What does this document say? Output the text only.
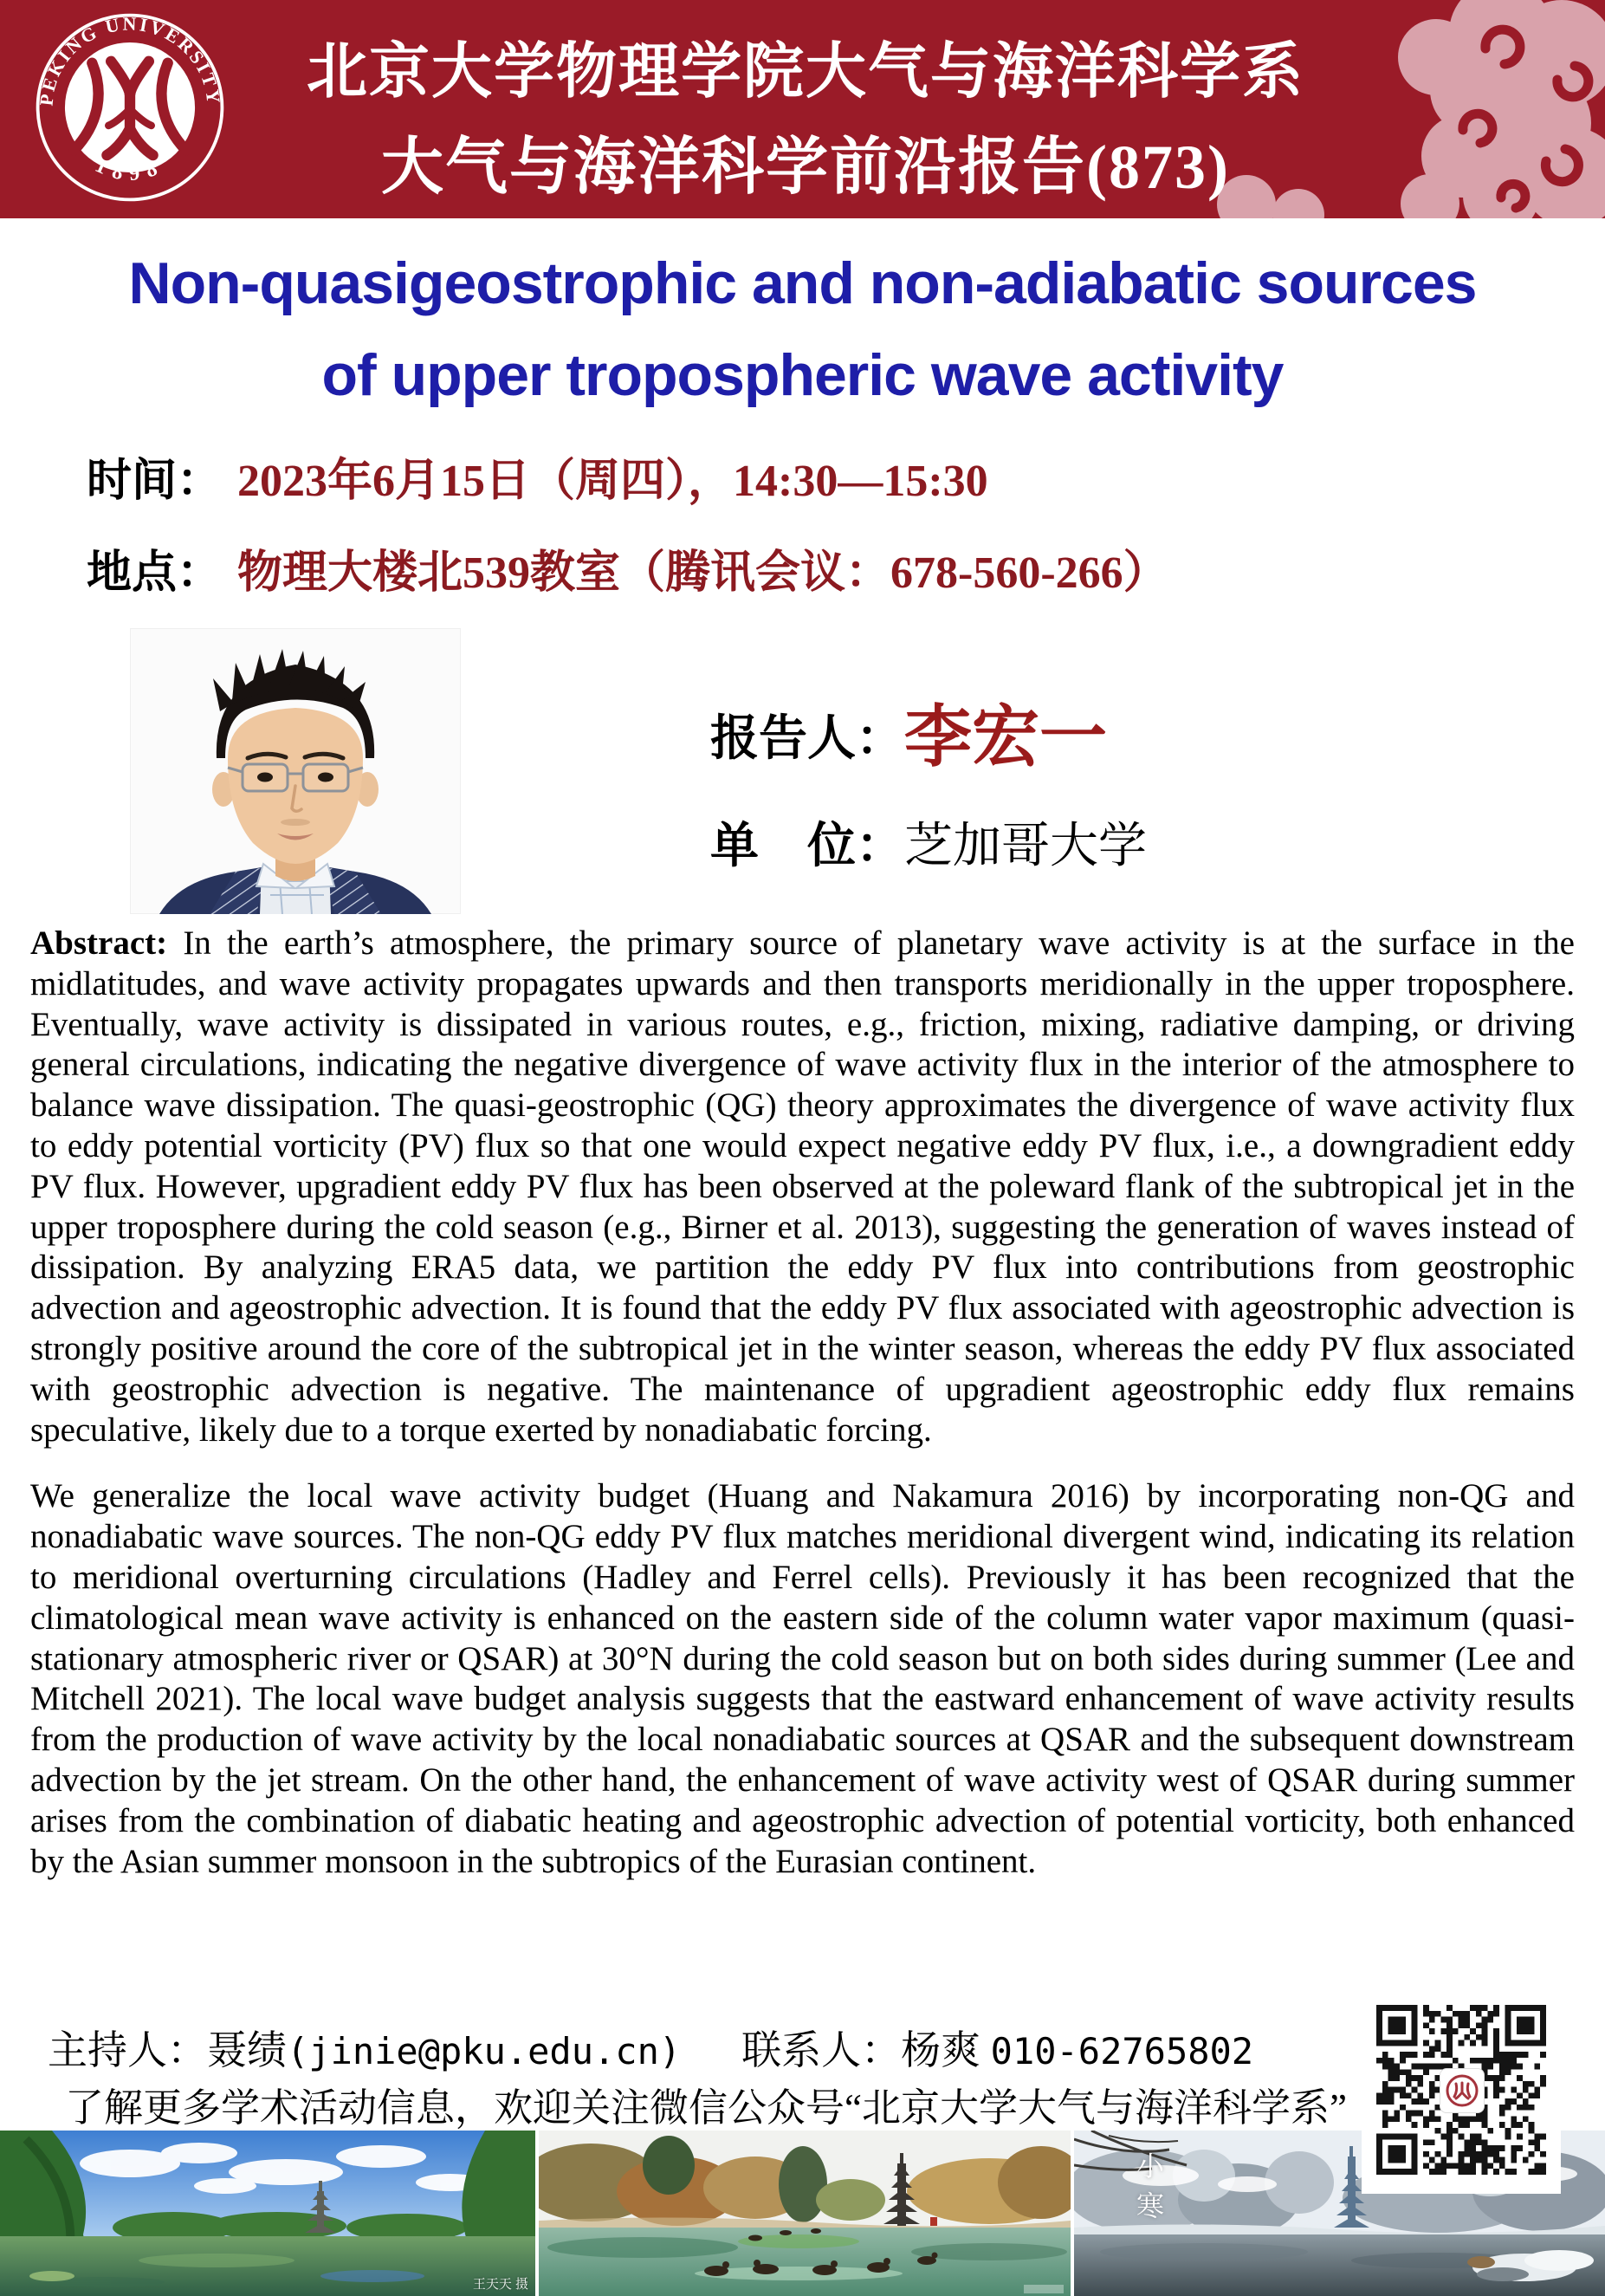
PEKING UNIVERSITY
1898
北京大学物理学院大气与海洋科学系
大气与海洋科学前沿报告(873)
Non-quasigeostrophic and non-adiabatic sources
of upper tropospheric wave activity
时间： 2023年6月15日（周四），14:30—15:30
地点： 物理大楼北539教室（腾讯会议：678-560-266）
报告人：李宏一
单　位：芝加哥大学

Abstract: In the earth’s atmosphere, the primary source of planetary wave activity is at the surface in the midlatitudes, and wave activity propagates upwards and then transports meridionally in the upper troposphere. Eventually, wave activity is dissipated in various routes, e.g., friction, mixing, radiative damping, or driving general circulations, indicating the negative divergence of wave activity flux in the interior of the atmosphere to balance wave dissipation. The quasi-geostrophic (QG) theory approximates the divergence of wave activity flux to eddy potential vorticity (PV) flux so that one would expect negative eddy PV flux, i.e., a downgradient eddy PV flux. However, upgradient eddy PV flux has been observed at the poleward flank of the subtropical jet in the upper troposphere during the cold season (e.g., Birner et al. 2013), suggesting the generation of waves instead of dissipation. By analyzing ERA5 data, we partition the eddy PV flux into contributions from geostrophic advection and ageostrophic advection. It is found that the eddy PV flux associated with ageostrophic advection is strongly positive around the core of the subtropical jet in the winter season, whereas the eddy PV flux associated with geostrophic advection is negative. The maintenance of upgradient ageostrophic eddy flux remains speculative, likely due to a torque exerted by nonadiabatic forcing.

We generalize the local wave activity budget (Huang and Nakamura 2016) by incorporating non-QG and nonadiabatic wave sources. The non-QG eddy PV flux matches meridional divergent wind, indicating its relation to meridional overturning circulations (Hadley and Ferrel cells). Previously it has been recognized that the climatological mean wave activity is enhanced on the eastern side of the column water vapor maximum (quasi-stationary atmospheric river or QSAR) at 30°N during the cold season but on both sides during summer (Lee and Mitchell 2021). The local wave budget analysis suggests that the eastward enhancement of wave activity results from the production of wave activity by the local nonadiabatic sources at QSAR and the subsequent downstream advection by the jet stream. On the other hand, the enhancement of wave activity west of QSAR during summer arises from the combination of diabatic heating and ageostrophic advection of potential vorticity, both enhanced by the Asian summer monsoon in the subtropics of the Eurasian continent.

主持人：聂绩(jinie@pku.edu.cn) 联系人：杨爽 010-62765802
了解更多学术活动信息，欢迎关注微信公众号“北京大学大气与海洋科学系”
王天天 摄
小寒
